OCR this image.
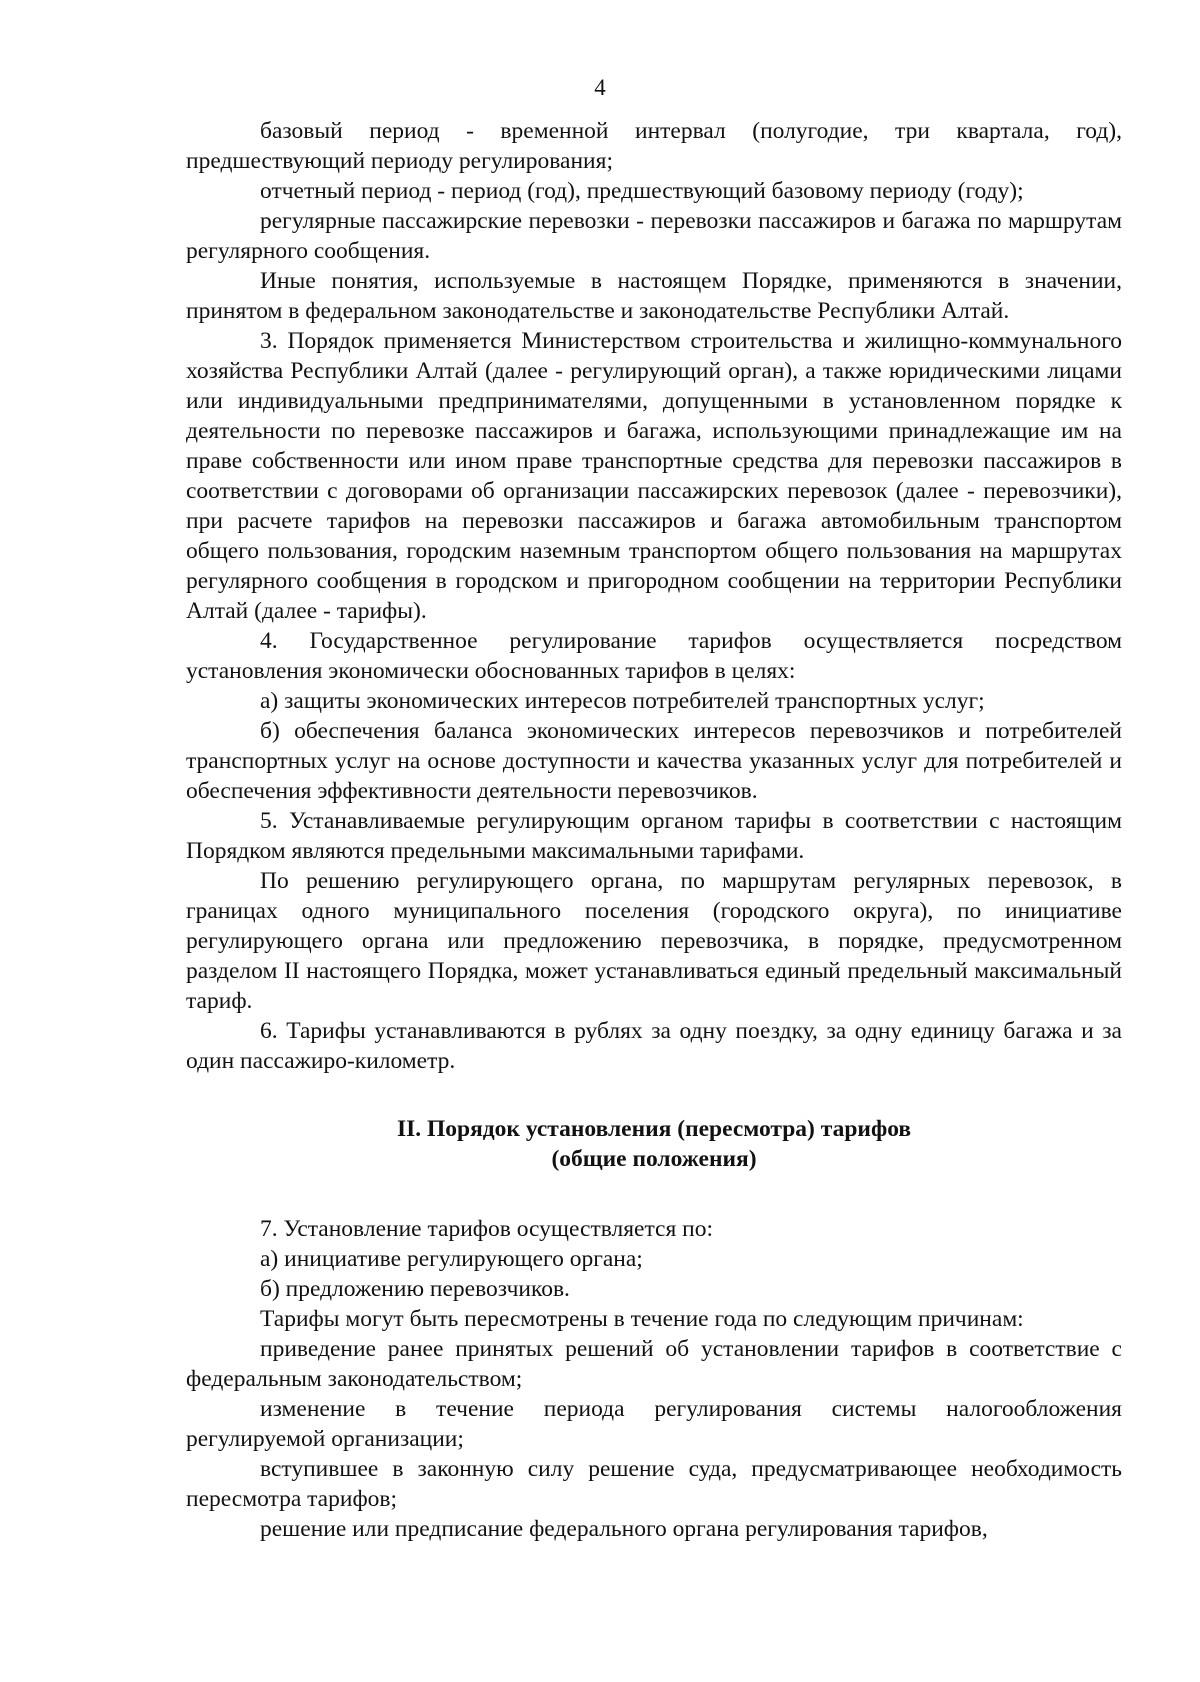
4

базовый период - временной интервал (полугодие, три квартала, год), предшествующий периоду регулирования;

отчетный период - период (год), предшествующий базовому периоду (году);

регулярные пассажирские перевозки - перевозки пассажиров и багажа по маршрутам регулярного сообщения.

Иные понятия, используемые в настоящем Порядке, применяются в значении, принятом в федеральном законодательстве и законодательстве Республики Алтай.

3. Порядок применяется Министерством строительства и жилищно-коммунального хозяйства Республики Алтай (далее - регулирующий орган), а также юридическими лицами или индивидуальными предпринимателями, допущенными в установленном порядке к деятельности по перевозке пассажиров и багажа, использующими принадлежащие им на праве собственности или ином праве транспортные средства для перевозки пассажиров в соответствии с договорами об организации пассажирских перевозок (далее - перевозчики), при расчете тарифов на перевозки пассажиров и багажа автомобильным транспортом общего пользования, городским наземным транспортом общего пользования на маршрутах регулярного сообщения в городском и пригородном сообщении на территории Республики Алтай (далее - тарифы).

4. Государственное регулирование тарифов осуществляется посредством установления экономически обоснованных тарифов в целях:

а) защиты экономических интересов потребителей транспортных услуг;

б) обеспечения баланса экономических интересов перевозчиков и потребителей транспортных услуг на основе доступности и качества указанных услуг для потребителей и обеспечения эффективности деятельности перевозчиков.

5. Устанавливаемые регулирующим органом тарифы в соответствии с настоящим Порядком являются предельными максимальными тарифами.

По решению регулирующего органа, по маршрутам регулярных перевозок, в границах одного муниципального поселения (городского округа), по инициативе регулирующего органа или предложению перевозчика, в порядке, предусмотренном разделом II настоящего Порядка, может устанавливаться единый предельный максимальный тариф.

6. Тарифы устанавливаются в рублях за одну поездку, за одну единицу багажа и за один пассажиро-километр.

II. Порядок установления (пересмотра) тарифов
(общие положения)

7. Установление тарифов осуществляется по:

а) инициативе регулирующего органа;

б) предложению перевозчиков.

Тарифы могут быть пересмотрены в течение года по следующим причинам:

приведение ранее принятых решений об установлении тарифов в соответствие с федеральным законодательством;

изменение в течение периода регулирования системы налогообложения регулируемой организации;

вступившее в законную силу решение суда, предусматривающее необходимость пересмотра тарифов;

решение или предписание федерального органа регулирования тарифов,
